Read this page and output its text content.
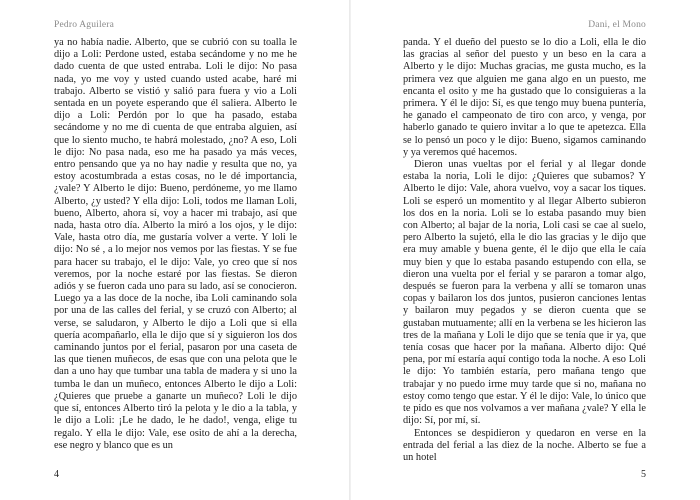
Pedro Aguilera

ya no había nadie. Alberto, que se cubrió con su toalla le dijo a Loli: Perdone usted, estaba secándome y no me he dado cuenta de que usted entraba. Loli le dijo: No pasa nada, yo me voy y usted cuando usted acabe, haré mi trabajo. Alberto se vistió y salió para fuera y vio a Loli sentada en un poyete esperando que él saliera. Alberto le dijo a Loli: Perdón por lo que ha pasado, estaba secándome y no me di cuenta de que entraba alguien, así que lo siento mucho, te habrá molestado, ¿no? A eso, Loli le dijo: No pasa nada, eso me ha pasado ya más veces, entro pensando que ya no hay nadie y resulta que no, ya estoy acostumbrada a estas cosas, no le dé importancia, ¿vale? Y Alberto le dijo: Bueno, perdóneme, yo me llamo Alberto, ¿y usted? Y ella dijo: Loli, todos me llaman Loli, bueno, Alberto, ahora sí, voy a hacer mi trabajo, así que nada, hasta otro día. Alberto la miró a los ojos, y le dijo: Vale, hasta otro día, me gustaría volver a verte. Y loli le dijo: No sé , a lo mejor nos vemos por las fiestas. Y se fue para hacer su trabajo, el le dijo: Vale, yo creo que sí nos veremos, por la noche estaré por las fiestas. Se dieron adiós y se fueron cada uno para su lado, así se conocieron. Luego ya a las doce de la noche, iba Loli caminando sola por una de las calles del ferial, y se cruzó con Alberto; al verse, se saludaron, y Alberto le dijo a Loli que si ella quería acompañarlo, ella le dijo que sí y siguieron los dos caminando juntos por el ferial, pasaron por una caseta de las que tienen muñecos, de esas que con una pelota que le dan a uno hay que tumbar una tabla de madera y si uno la tumba le dan un muñeco, entonces Alberto le dijo a Loli: ¿Quieres que pruebe a ganarte un muñeco? Loli le dijo que sí, entonces Alberto tiró la pelota y le dio a la tabla, y le dijo a Loli: ¡Le he dado, le he dado!, venga, elige tu regalo. Y ella le dijo: Vale, ese osito de ahí a la derecha, ese negro y blanco que es un

4
Dani, el Mono

panda. Y el dueño del puesto se lo dio a Loli, ella le dio las gracias al señor del puesto y un beso en la cara a Alberto y le dijo: Muchas gracias, me gusta mucho, es la primera vez que alguien me gana algo en un puesto, me encanta el osito y me ha gustado que lo consiguieras a la primera. Y él le dijo: Sí, es que tengo muy buena puntería, he ganado el campeonato de tiro con arco, y venga, por haberlo ganado te quiero invitar a lo que te apetezca. Ella se lo pensó un poco y le dijo: Bueno, sigamos caminando y ya veremos qué hacemos.

Dieron unas vueltas por el ferial y al llegar donde estaba la noria, Loli le dijo: ¿Quieres que subamos? Y Alberto le dijo: Vale, ahora vuelvo, voy a sacar los tiques. Loli se esperó un momentito y al llegar Alberto subieron los dos en la noria. Loli se lo estaba pasando muy bien con Alberto; al bajar de la noria, Loli casi se cae al suelo, pero Alberto la sujetó, ella le dio las gracias y le dijo que era muy amable y buena gente, él le dijo que ella le caía muy bien y que lo estaba pasando estupendo con ella, se dieron una vuelta por el ferial y se pararon a tomar algo, después se fueron para la verbena y allí se tomaron unas copas y bailaron los dos juntos, pusieron canciones lentas y bailaron muy pegados y se dieron cuenta que se gustaban mutuamente; allí en la verbena se les hicieron las tres de la mañana y Loli le dijo que se tenía que ir ya, que tenía cosas que hacer por la mañana. Alberto dijo: Qué pena, por mí estaría aquí contigo toda la noche. A eso Loli le dijo: Yo también estaría, pero mañana tengo que trabajar y no puedo irme muy tarde que si no, mañana no estoy como tengo que estar. Y él le dijo: Vale, lo único que te pido es que nos volvamos a ver mañana ¿vale? Y ella le dijo: Sí, por mí, sí.

Entonces se despidieron y quedaron en verse en la entrada del ferial a las diez de la noche. Alberto se fue a un hotel

5
